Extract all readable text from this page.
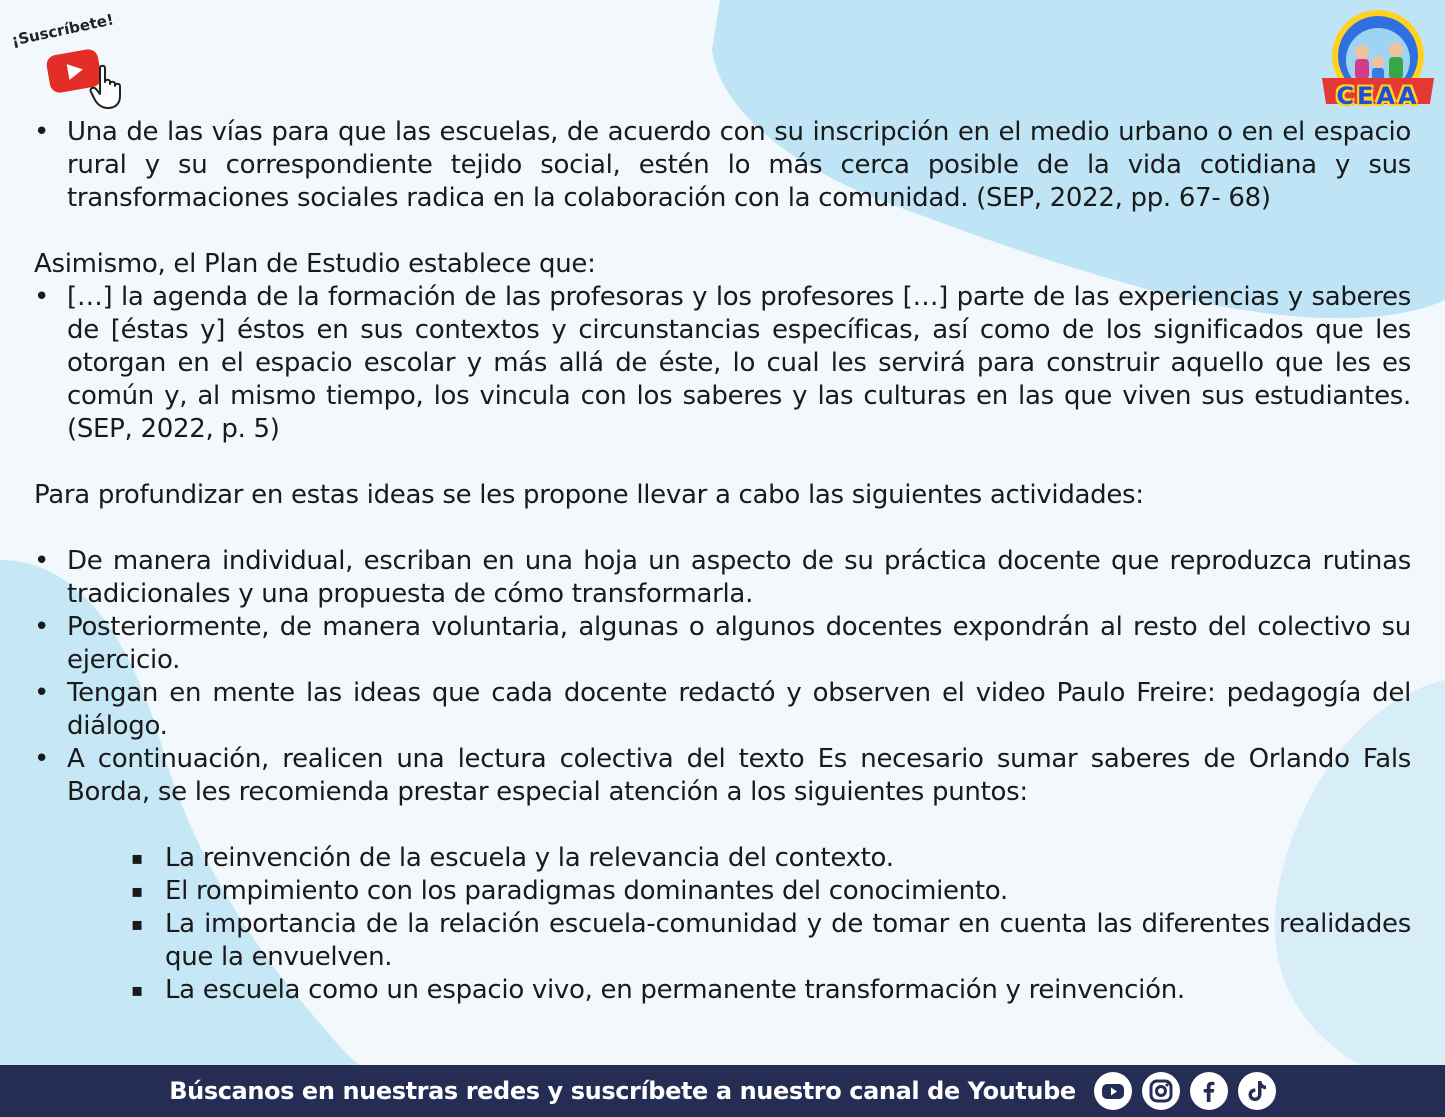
¡Suscríbete!
CEAA
• Una de las vías para que las escuelas, de acuerdo con su inscripción en el medio urbano o en el espacio rural y su correspondiente tejido social, estén lo más cerca posible de la vida cotidiana y sus transformaciones sociales radica en la colaboración con la comunidad. (SEP, 2022, pp. 67- 68)

Asimismo, el Plan de Estudio establece que:

• […] la agenda de la formación de las profesoras y los profesores […] parte de las experiencias y saberes de [éstas y] éstos en sus contextos y circunstancias específicas, así como de los significados que les otorgan en el espacio escolar y más allá de éste, lo cual les servirá para construir aquello que les es común y, al mismo tiempo, los vincula con los saberes y las culturas en las que viven sus estudiantes. (SEP, 2022, p. 5)

Para profundizar en estas ideas se les propone llevar a cabo las siguientes actividades:

• De manera individual, escriban en una hoja un aspecto de su práctica docente que reproduzca rutinas tradicionales y una propuesta de cómo transformarla.
• Posteriormente, de manera voluntaria, algunas o algunos docentes expondrán al resto del colectivo su ejercicio.
• Tengan en mente las ideas que cada docente redactó y observen el video Paulo Freire: pedagogía del diálogo.
• A continuación, realicen una lectura colectiva del texto Es necesario sumar saberes de Orlando Fals Borda, se les recomienda prestar especial atención a los siguientes puntos:
▪ La reinvención de la escuela y la relevancia del contexto.
▪ El rompimiento con los paradigmas dominantes del conocimiento.
▪ La importancia de la relación escuela-comunidad y de tomar en cuenta las diferentes realidades que la envuelven.
▪ La escuela como un espacio vivo, en permanente transformación y reinvención.
Búscanos en nuestras redes y suscríbete a nuestro canal de Youtube
